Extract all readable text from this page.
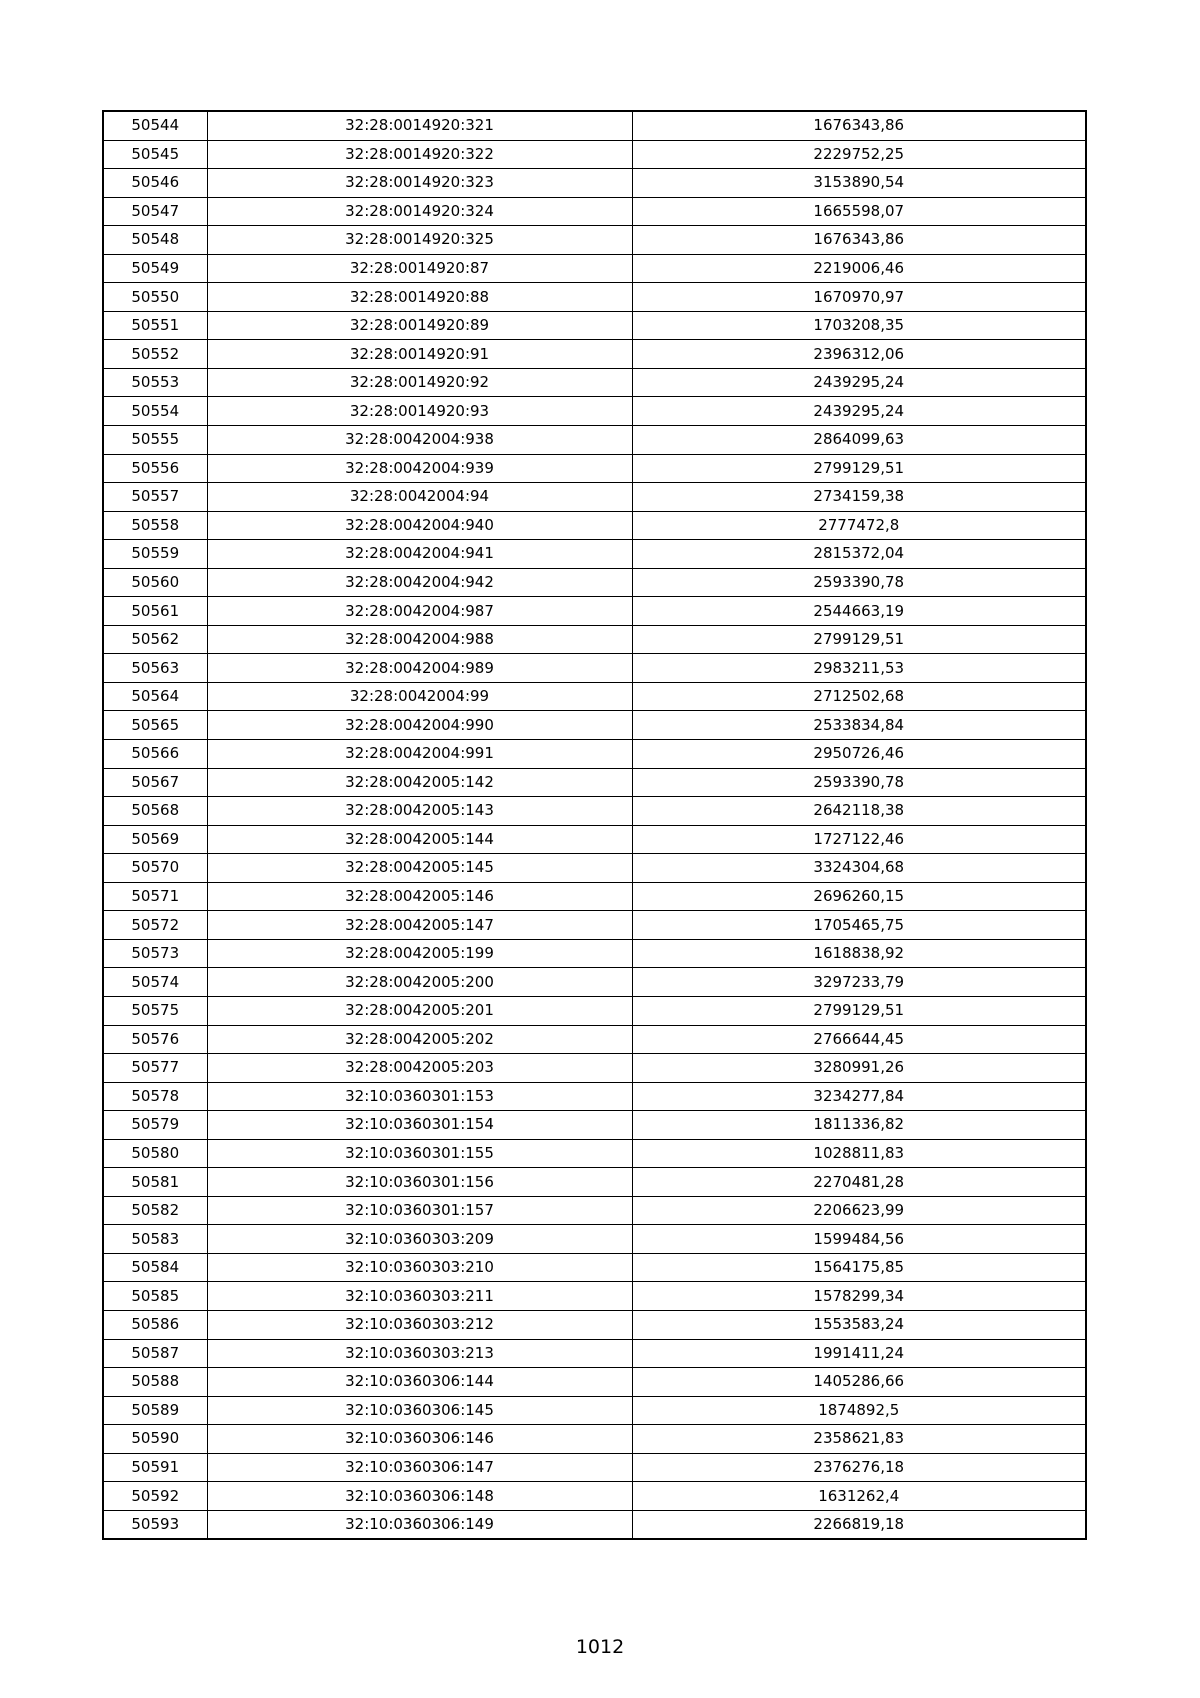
50544	32:28:0014920:321	1676343,86
50545	32:28:0014920:322	2229752,25
50546	32:28:0014920:323	3153890,54
50547	32:28:0014920:324	1665598,07
50548	32:28:0014920:325	1676343,86
50549	32:28:0014920:87	2219006,46
50550	32:28:0014920:88	1670970,97
50551	32:28:0014920:89	1703208,35
50552	32:28:0014920:91	2396312,06
50553	32:28:0014920:92	2439295,24
50554	32:28:0014920:93	2439295,24
50555	32:28:0042004:938	2864099,63
50556	32:28:0042004:939	2799129,51
50557	32:28:0042004:94	2734159,38
50558	32:28:0042004:940	2777472,8
50559	32:28:0042004:941	2815372,04
50560	32:28:0042004:942	2593390,78
50561	32:28:0042004:987	2544663,19
50562	32:28:0042004:988	2799129,51
50563	32:28:0042004:989	2983211,53
50564	32:28:0042004:99	2712502,68
50565	32:28:0042004:990	2533834,84
50566	32:28:0042004:991	2950726,46
50567	32:28:0042005:142	2593390,78
50568	32:28:0042005:143	2642118,38
50569	32:28:0042005:144	1727122,46
50570	32:28:0042005:145	3324304,68
50571	32:28:0042005:146	2696260,15
50572	32:28:0042005:147	1705465,75
50573	32:28:0042005:199	1618838,92
50574	32:28:0042005:200	3297233,79
50575	32:28:0042005:201	2799129,51
50576	32:28:0042005:202	2766644,45
50577	32:28:0042005:203	3280991,26
50578	32:10:0360301:153	3234277,84
50579	32:10:0360301:154	1811336,82
50580	32:10:0360301:155	1028811,83
50581	32:10:0360301:156	2270481,28
50582	32:10:0360301:157	2206623,99
50583	32:10:0360303:209	1599484,56
50584	32:10:0360303:210	1564175,85
50585	32:10:0360303:211	1578299,34
50586	32:10:0360303:212	1553583,24
50587	32:10:0360303:213	1991411,24
50588	32:10:0360306:144	1405286,66
50589	32:10:0360306:145	1874892,5
50590	32:10:0360306:146	2358621,83
50591	32:10:0360306:147	2376276,18
50592	32:10:0360306:148	1631262,4
50593	32:10:0360306:149	2266819,18
1012
